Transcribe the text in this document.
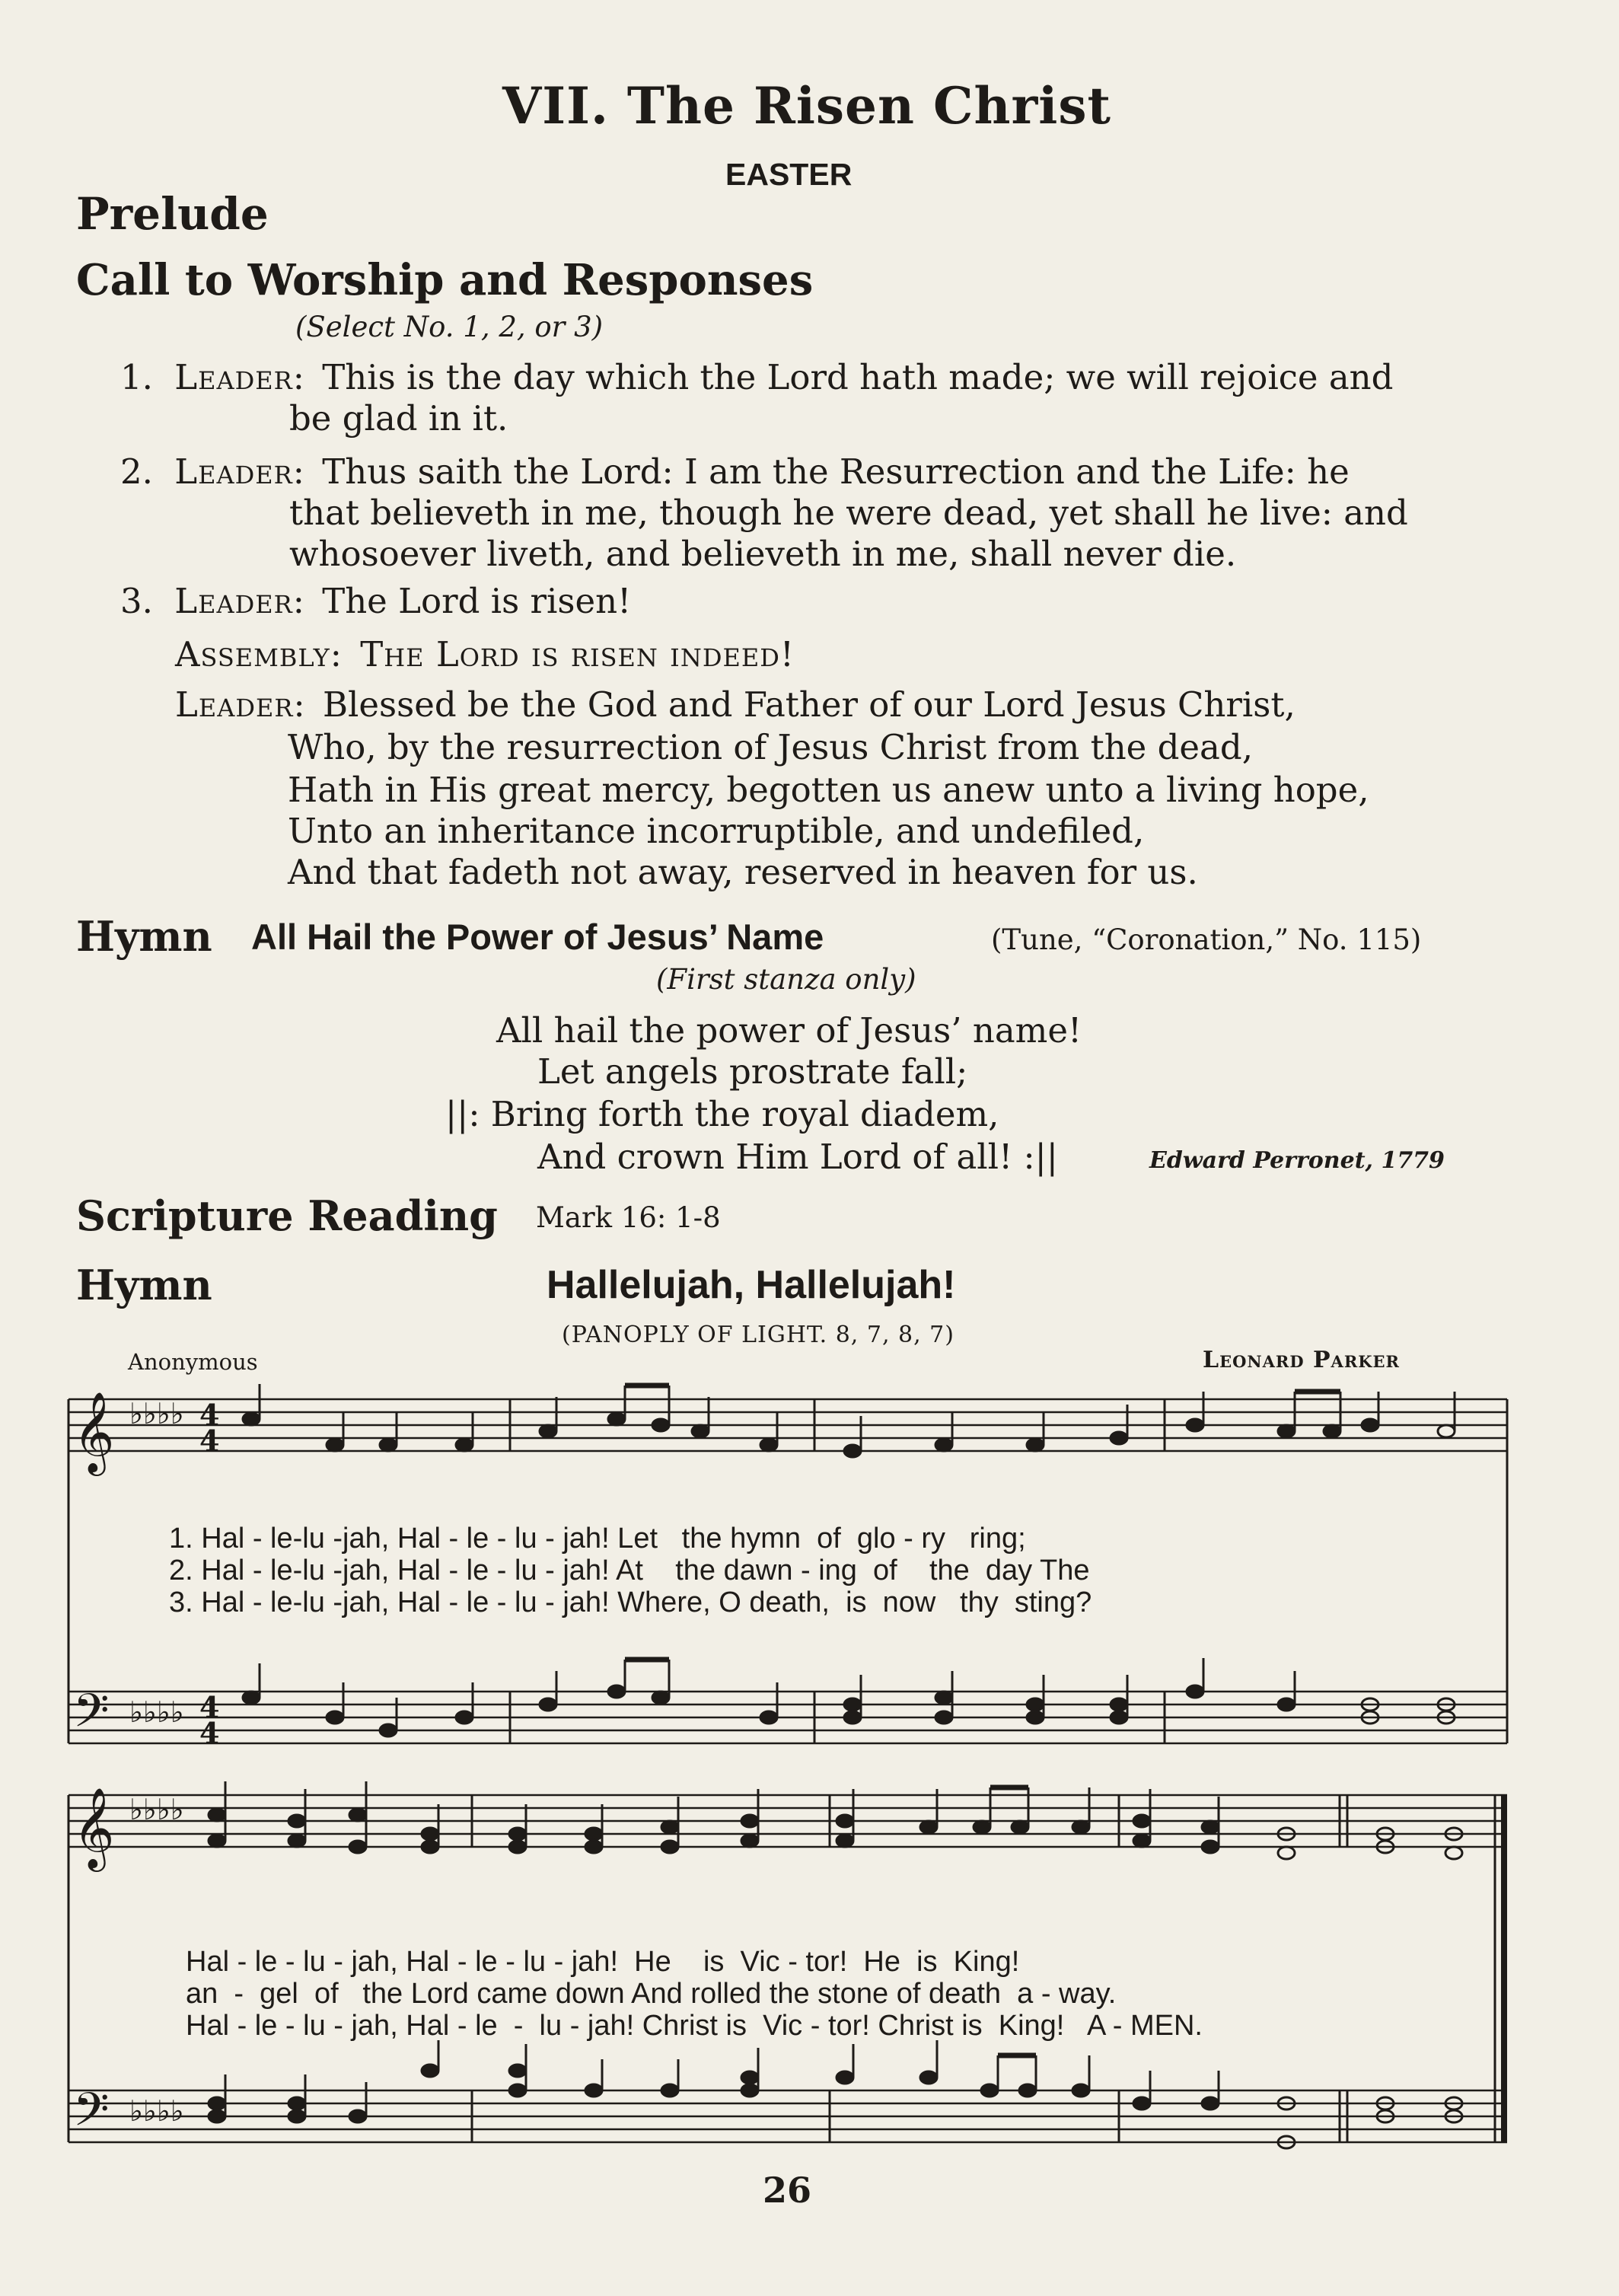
VII. The Risen Christ
EASTER
Prelude
Call to Worship and Responses
(Select No. 1, 2, or 3)
1. Leader: This is the day which the Lord hath made; we will rejoice and
be glad in it.
2. Leader: Thus saith the Lord: I am the Resurrection and the Life: he
that believeth in me, though he were dead, yet shall he live: and
whosoever liveth, and believeth in me, shall never die.
3. Leader: The Lord is risen!
Assembly: The Lord is risen indeed!
Leader: Blessed be the God and Father of our Lord Jesus Christ,
Who, by the resurrection of Jesus Christ from the dead,
Hath in His great mercy, begotten us anew unto a living hope,
Unto an inheritance incorruptible, and undefiled,
And that fadeth not away, reserved in heaven for us.
Hymn All Hail the Power of Jesus’ Name	(Tune, “Coronation,” No. 115)
(First stanza only)
All hail the power of Jesus’ name!
Let angels prostrate fall;
||: Bring forth the royal diadem,
And crown Him Lord of all! :||	Edward Perronet, 1779
Scripture Reading Mark 16: 1-8
Hymn	Hallelujah, Hallelujah!
(PANOPLY OF LIGHT. 8, 7, 8, 7)
Anonymous	Leonard Parker
𝄞
𝄢
♭♭♭♭
♭♭♭♭
4
4
4
4
1. Hal - le-lu -jah, Hal - le - lu - jah! Let   the hymn  of  glo - ry   ring;
2. Hal - le-lu -jah, Hal - le - lu - jah! At    the dawn - ing  of    the  day The
3. Hal - le-lu -jah, Hal - le - lu - jah! Where, O death,  is  now   thy  sting?
𝄞
𝄢
♭♭♭♭
♭♭♭♭
Hal - le - lu - jah, Hal - le - lu - jah!  He    is  Vic - tor!  He  is  King!
an  -  gel  of   the Lord came down And rolled the stone of death  a - way.
Hal - le - lu - jah, Hal - le  -  lu - jah! Christ is  Vic - tor! Christ is  King!   A - MEN.
26
